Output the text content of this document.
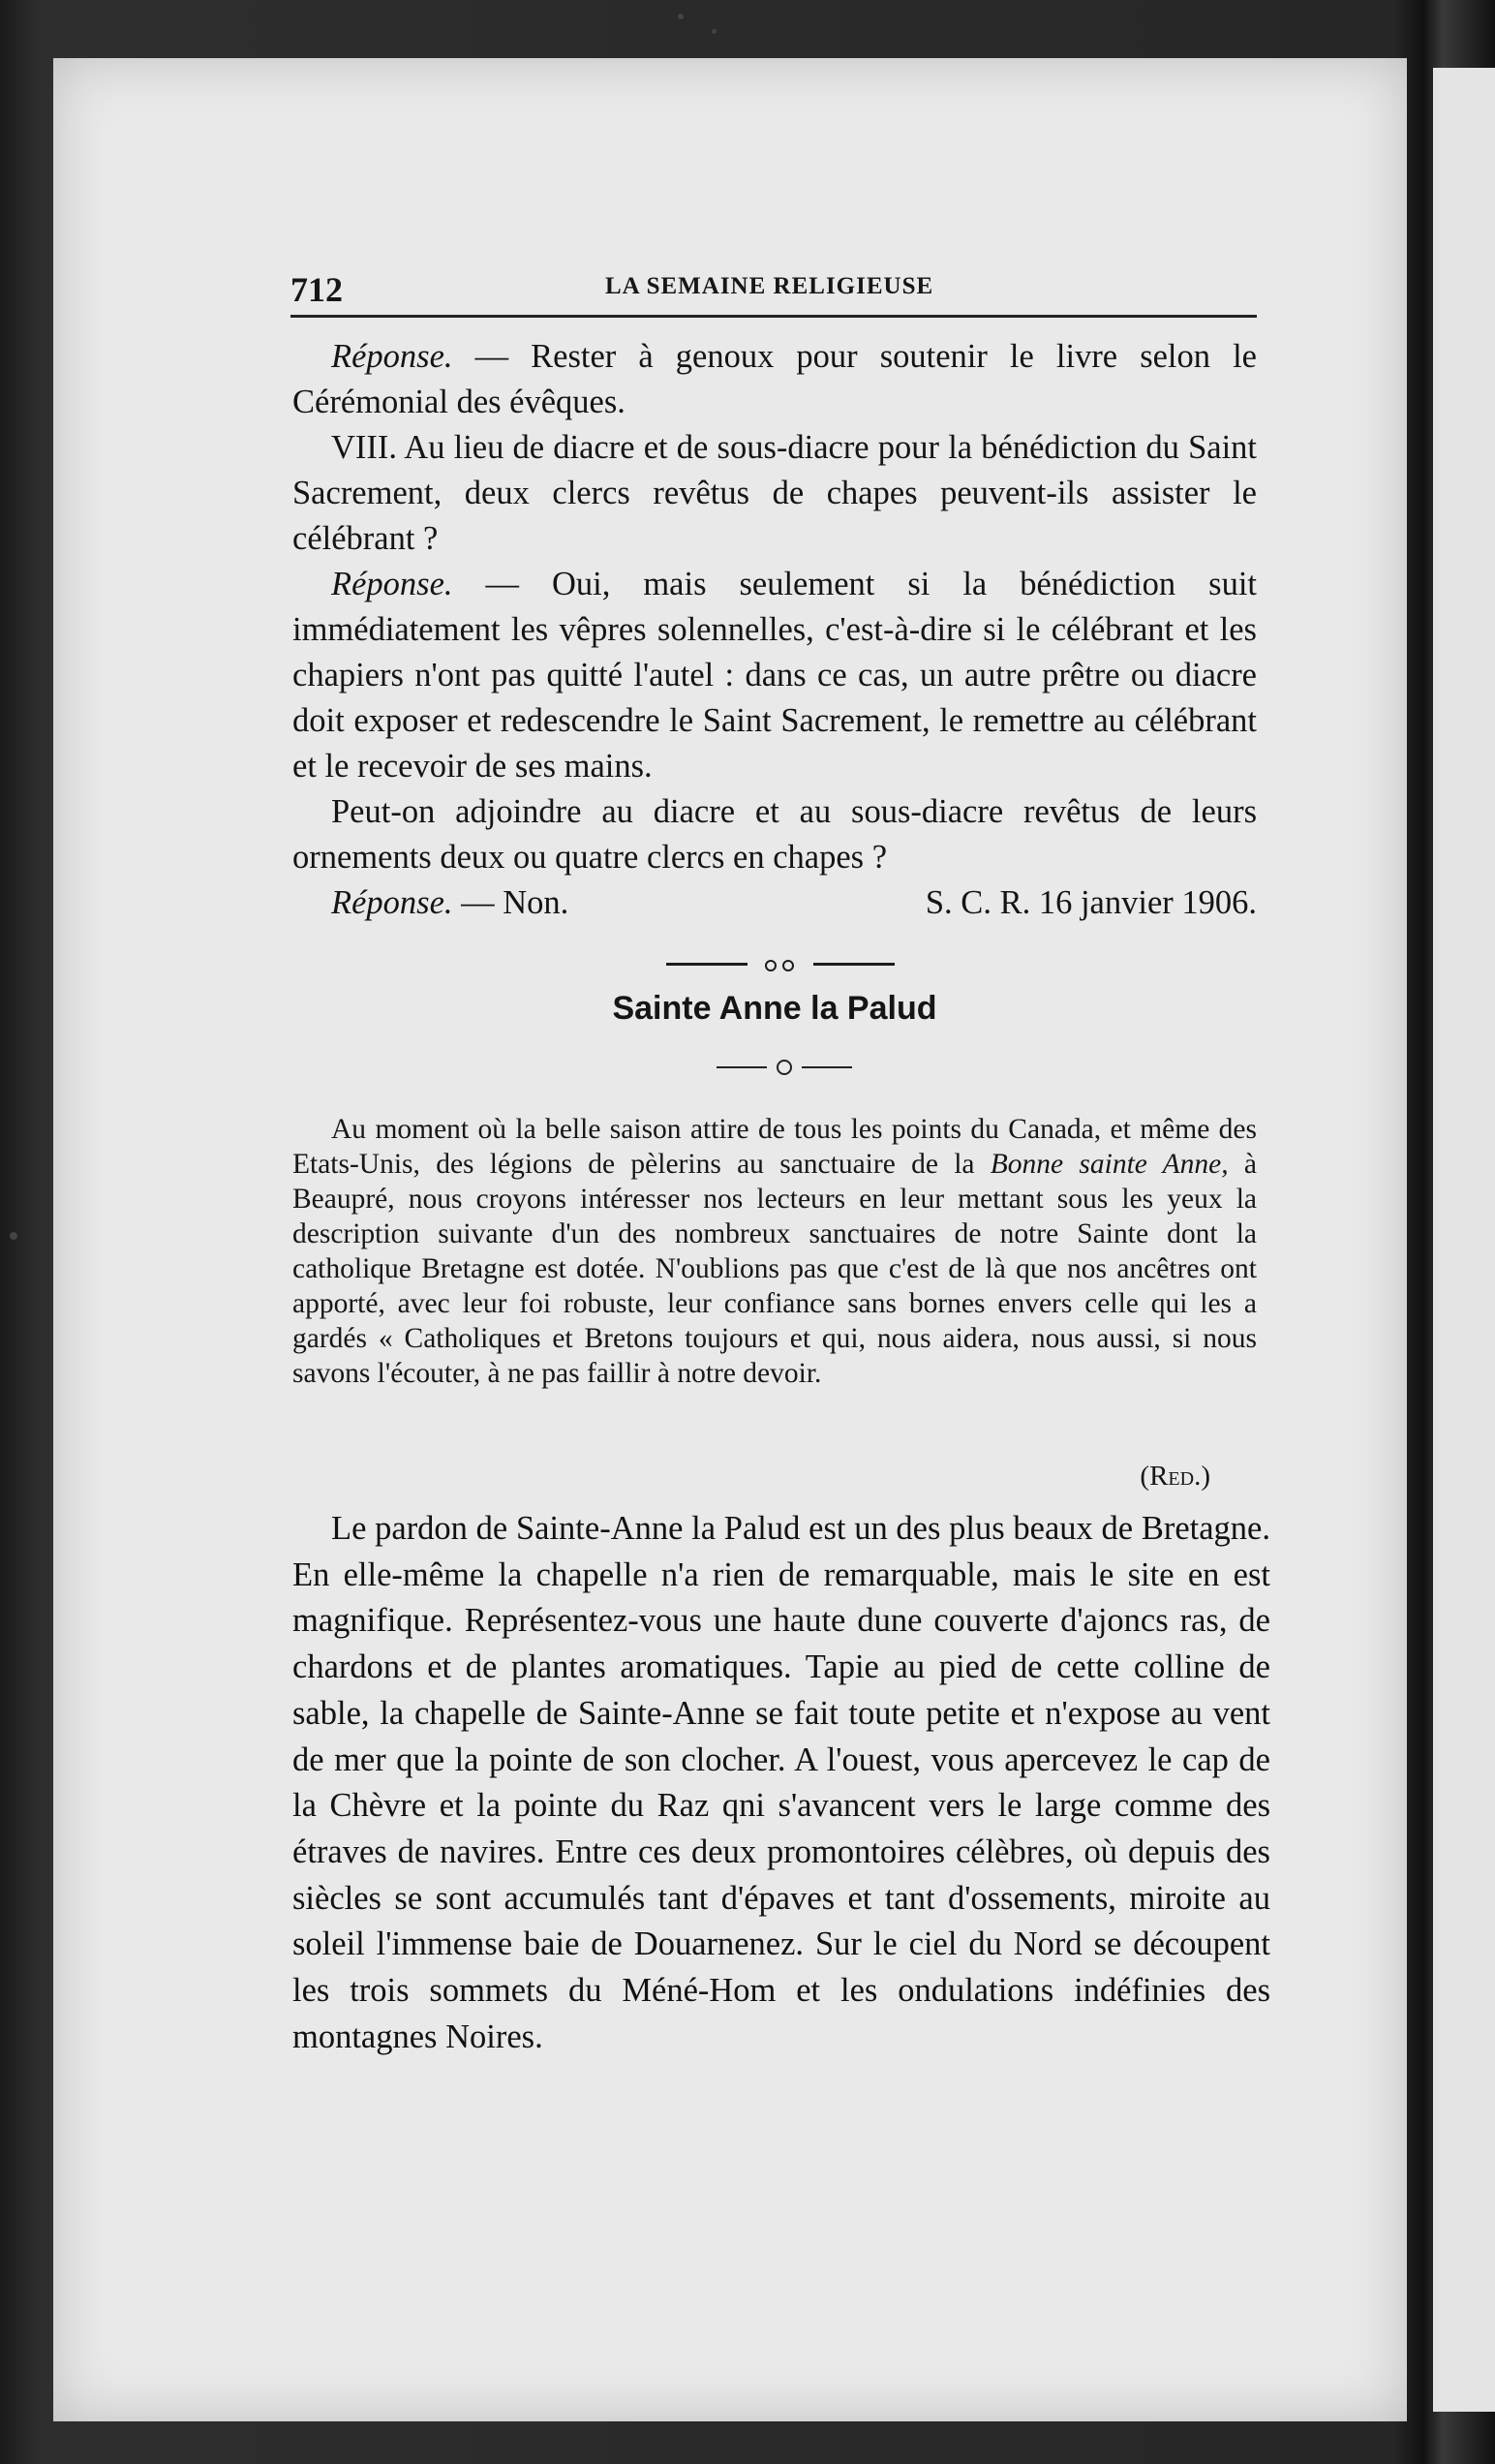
712	LA SEMAINE RELIGIEUSE

Réponse. — Rester à genoux pour soutenir le livre selon le Cérémonial des évêques.

VIII. Au lieu de diacre et de sous-diacre pour la bénédiction du Saint Sacrement, deux clercs revêtus de chapes peuvent-ils assister le célébrant ?

Réponse. — Oui, mais seulement si la bénédiction suit immédiatement les vêpres solennelles, c'est-à-dire si le célébrant et les chapiers n'ont pas quitté l'autel : dans ce cas, un autre prêtre ou diacre doit exposer et redescendre le Saint Sacrement, le remettre au célébrant et le recevoir de ses mains.

Peut-on adjoindre au diacre et au sous-diacre revêtus de leurs ornements deux ou quatre clercs en chapes ?

Réponse. — Non.	S. C. R. 16 janvier 1906.

Sainte Anne la Palud

Au moment où la belle saison attire de tous les points du Canada, et même des Etats-Unis, des légions de pèlerins au sanctuaire de la Bonne sainte Anne, à Beaupré, nous croyons intéresser nos lecteurs en leur mettant sous les yeux la description suivante d'un des nombreux sanctuaires de notre Sainte dont la catholique Bretagne est dotée. N'oublions pas que c'est de là que nos ancêtres ont apporté, avec leur foi robuste, leur confiance sans bornes envers celle qui les a gardés « Catholiques et Bretons toujours et qui, nous aidera, nous aussi, si nous savons l'écouter, à ne pas faillir à notre devoir.

(Red.)

Le pardon de Sainte-Anne la Palud est un des plus beaux de Bretagne. En elle-même la chapelle n'a rien de remarquable, mais le site en est magnifique. Représentez-vous une haute dune couverte d'ajoncs ras, de chardons et de plantes aromatiques. Tapie au pied de cette colline de sable, la chapelle de Sainte-Anne se fait toute petite et n'expose au vent de mer que la pointe de son clocher. A l'ouest, vous apercevez le cap de la Chèvre et la pointe du Raz qni s'avancent vers le large comme des étraves de navires. Entre ces deux promontoires célèbres, où depuis des siècles se sont accumulés tant d'épaves et tant d'ossements, miroite au soleil l'immense baie de Douarnenez. Sur le ciel du Nord se découpent les trois sommets du Méné-Hom et les ondulations indéfinies des montagnes Noires.
